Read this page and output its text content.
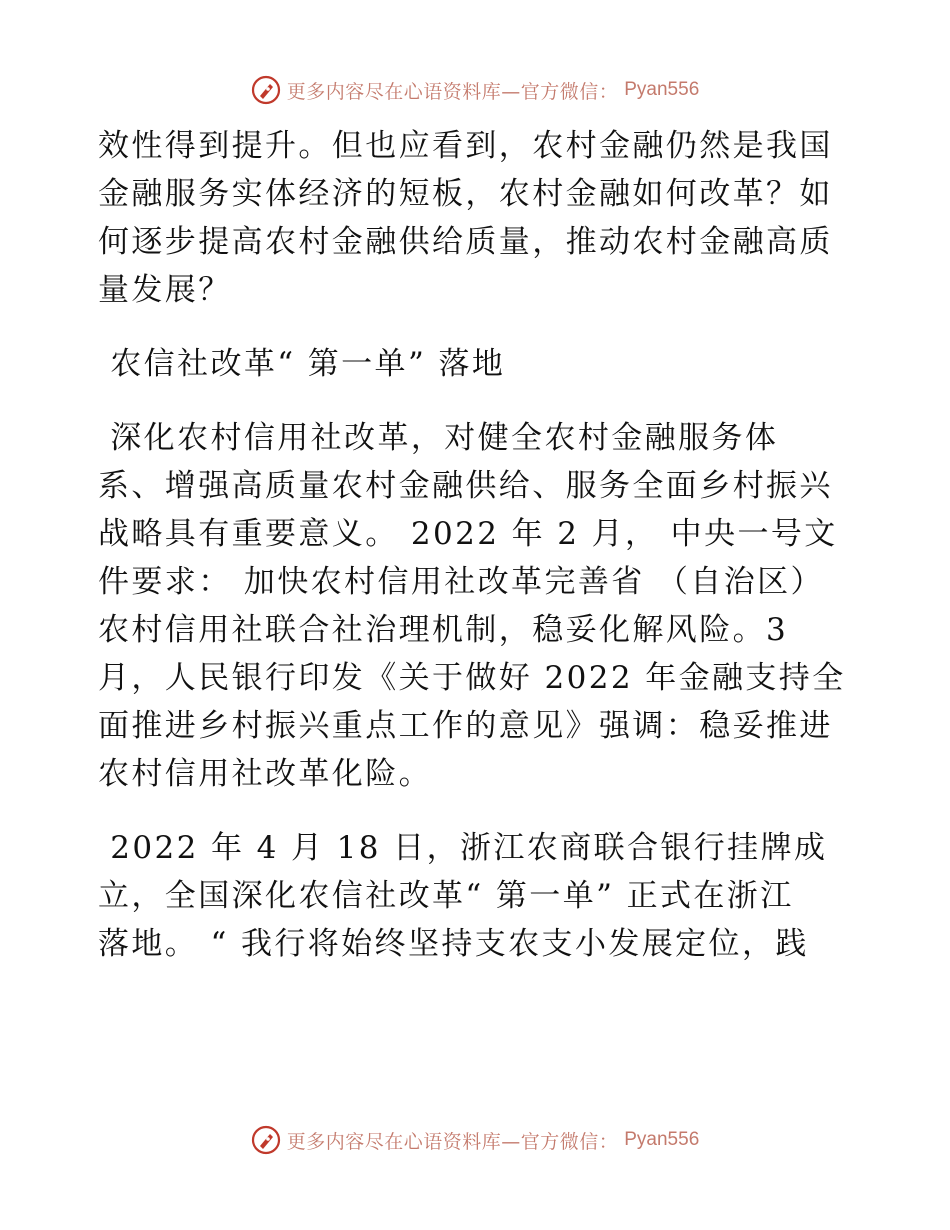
更多内容尽在心语资料库—官方微信： Pyan556
效性得到提升。但也应看到，农村金融仍然是我国
金融服务实体经济的短板，农村金融如何改革？如
何逐步提高农村金融供给质量，推动农村金融高质
量发展？
农信社改革“ 第一单” 落地
深化农村信用社改革，对健全农村金融服务体
系、增强高质量农村金融供给、服务全面乡村振兴
战略具有重要意义。 2022 年 2 月， 中央一号文
件要求： 加快农村信用社改革完善省 （自治区）
农村信用社联合社治理机制，稳妥化解风险。3
月，人民银行印发《关于做好 2022 年金融支持全
面推进乡村振兴重点工作的意见》强调：稳妥推进
农村信用社改革化险。
2022 年 4 月 18 日，浙江农商联合银行挂牌成
立，全国深化农信社改革“ 第一单” 正式在浙江
落地。 “ 我行将始终坚持支农支小发展定位，践
更多内容尽在心语资料库—官方微信： Pyan556
